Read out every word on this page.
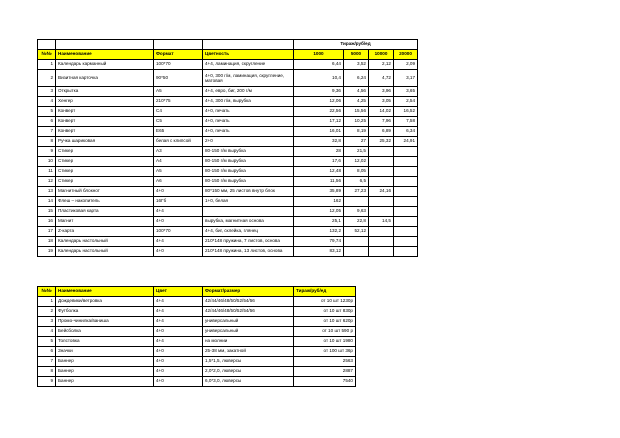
				Тираж/руб/ед			
№№	Наименование	Формат	Цветность	1000	5000	10000	20000
1	Календарь карманный	100*70	4+4, ламинация, скругление	6,44	3,52	2,12	2,09
2	Визитная карточка	90*50	4+0, 300 г/м, ламинация, скругление, матовая	10,4	6,24	4,72	3,17
3	Открытка	А5	4+4, евро, биг, 200 г/м	9,36	4,56	3,96	3,65
4	Хенгер	210*75	4+4, 300 г/м, вырубка	12,06	4,25	3,05	2,54
5	Конверт	С4	4+0, печать	22,56	15,56	14,02	16,52
6	Конверт	С5	4+0, печать	17,12	10,25	7,96	7,58
7	Конверт	Е65	4+0, печать	16,01	8,19	6,89	6,34
8	Ручка шариковая	белая с клипсой	2+0	32,8	27	25,32	24,91
9	Стикер	А3	80-150 г/м вырубка	28	21,5		
10	Стикер	А4	80-150 г/м вырубка	17,6	12,02		
11	Стикер	А5	80-150 г/м вырубка	12,48	8,05		
12	Стикер	А6	80-150 г/м вырубка	11,56	6,5		
13	Магнитный блокнот	4+0	80*150 мм, 25 листов внутр блок	35,89	27,23	24,16	
14	Флеш – накопитель	16Гб	1+0, белая	162			
15	Пластиковая карта	4+4		12,05	9,63		
16	Магнит	4+0	вырубка, магнитная основа	25,1	22,8	14,5	
17	Z-карта	100*70	4+4, биг, склейка, глянец	132,2	52,12		
18	Календарь настольный	4+4	210*148 пружина, 7 листов, основа	79,74			
19	Календарь настольный	4+0	210*148 пружина, 13 листов, основа	83,12			
№№	Наименование	Цвет	Формат/размер	Тираж/руб/ед
1	Дождевики/ветровка	4+4	42/44/46/48/50/52/54/56	от 10 шт 1230р
2	Футболка	4+4	42/44/46/48/50/52/54/56	от 10 шт 830р
3	Промо-чинилка/ваниша	4+4	универсальный	от 10 шт 620р
4	Бейсболка	4+0	универсальный	от 10 шт 590 р
5	Толстовка	4+4	на молнии	от 10 шт 1980
6	Значки	4+0	25-38 мм, закатной	от 100 шт 36р
7	Баннер	4+0	1,5*1,5, люверсы	2563
8	Баннер	4+0	2,0*2,0, люверсы	2887
9	Баннер	4+0	6,0*3,0, люверсы	7540
